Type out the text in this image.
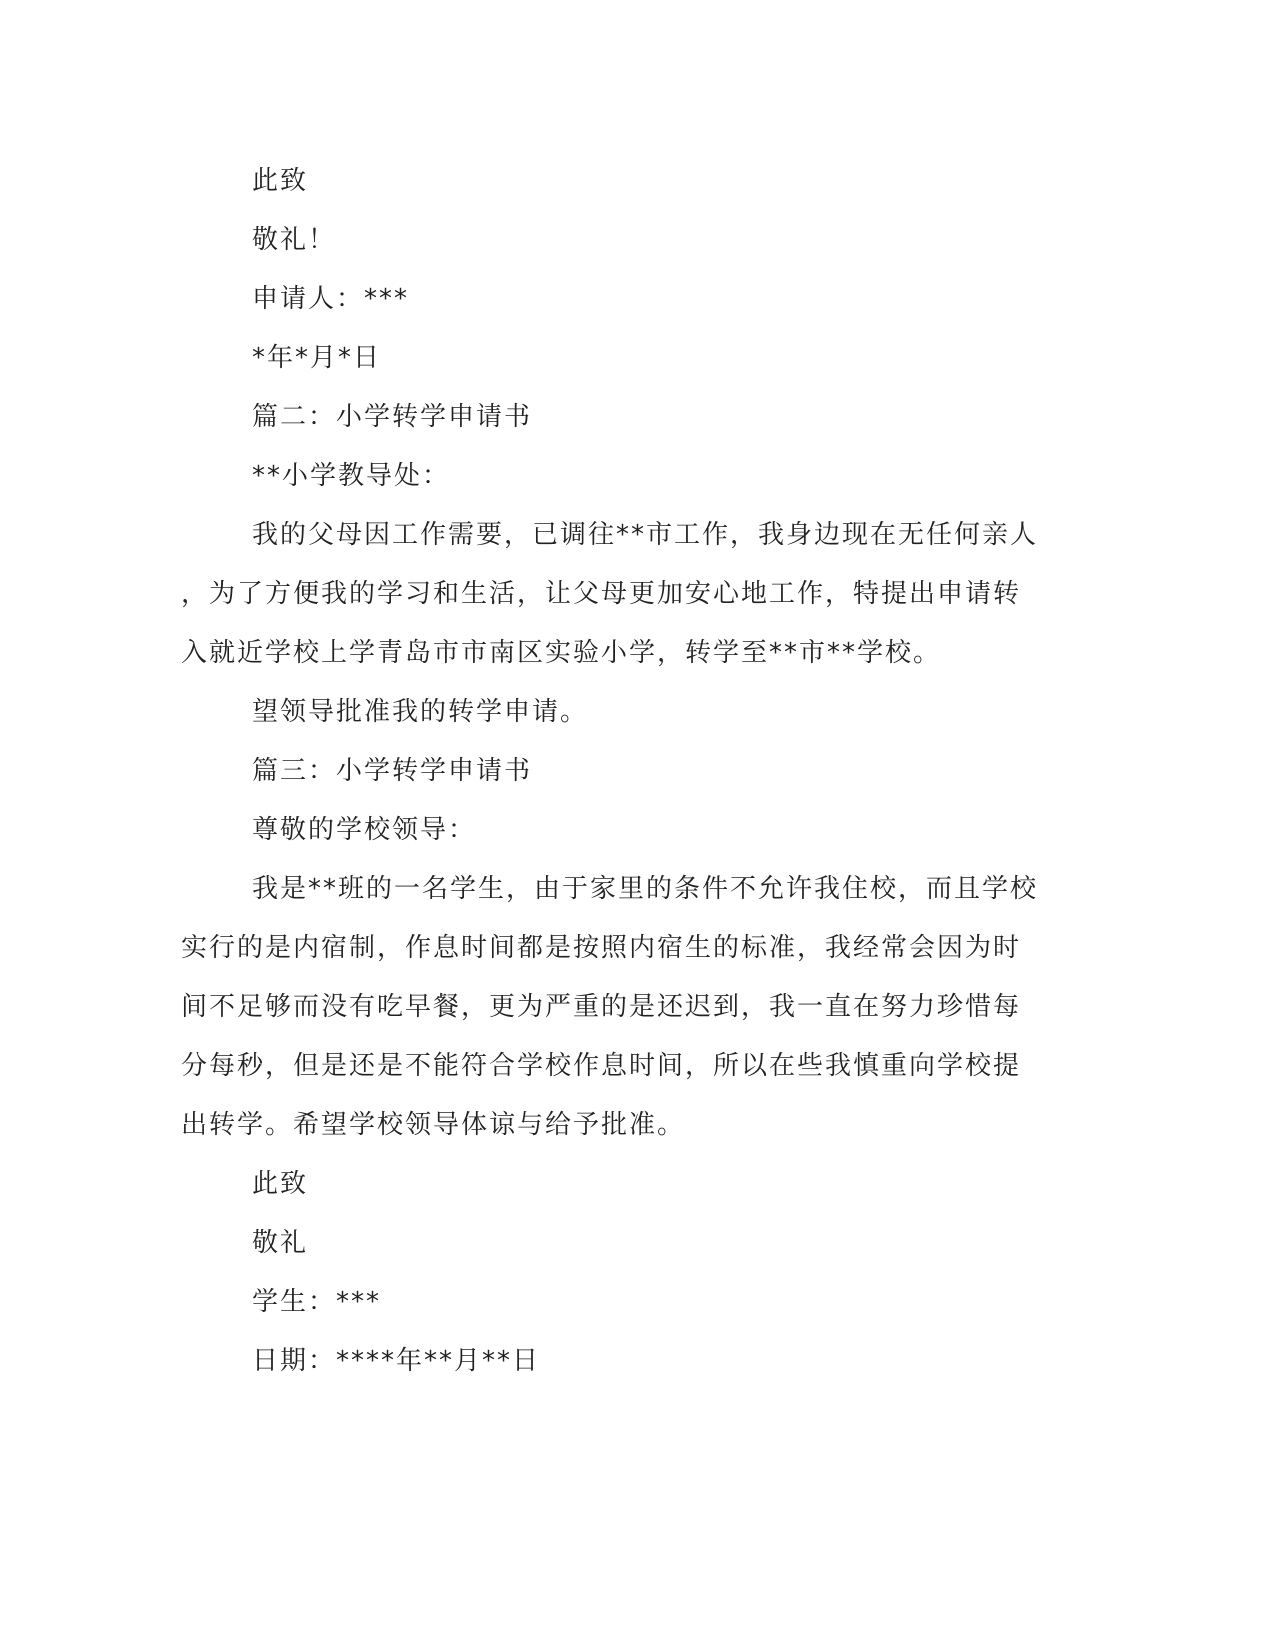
此致

敬礼！

申请人：***

*年*月*日

篇二：小学转学申请书

**小学教导处：

我的父母因工作需要，已调往**市工作，我身边现在无任何亲人
，为了方便我的学习和生活，让父母更加安心地工作，特提出申请转
入就近学校上学青岛市市南区实验小学，转学至**市**学校。

望领导批准我的转学申请。

篇三：小学转学申请书

尊敬的学校领导：

我是**班的一名学生，由于家里的条件不允许我住校，而且学校
实行的是内宿制，作息时间都是按照内宿生的标准，我经常会因为时
间不足够而没有吃早餐，更为严重的是还迟到，我一直在努力珍惜每
分每秒，但是还是不能符合学校作息时间，所以在些我慎重向学校提
出转学。希望学校领导体谅与给予批准。

此致

敬礼

学生：***

日期：****年**月**日
